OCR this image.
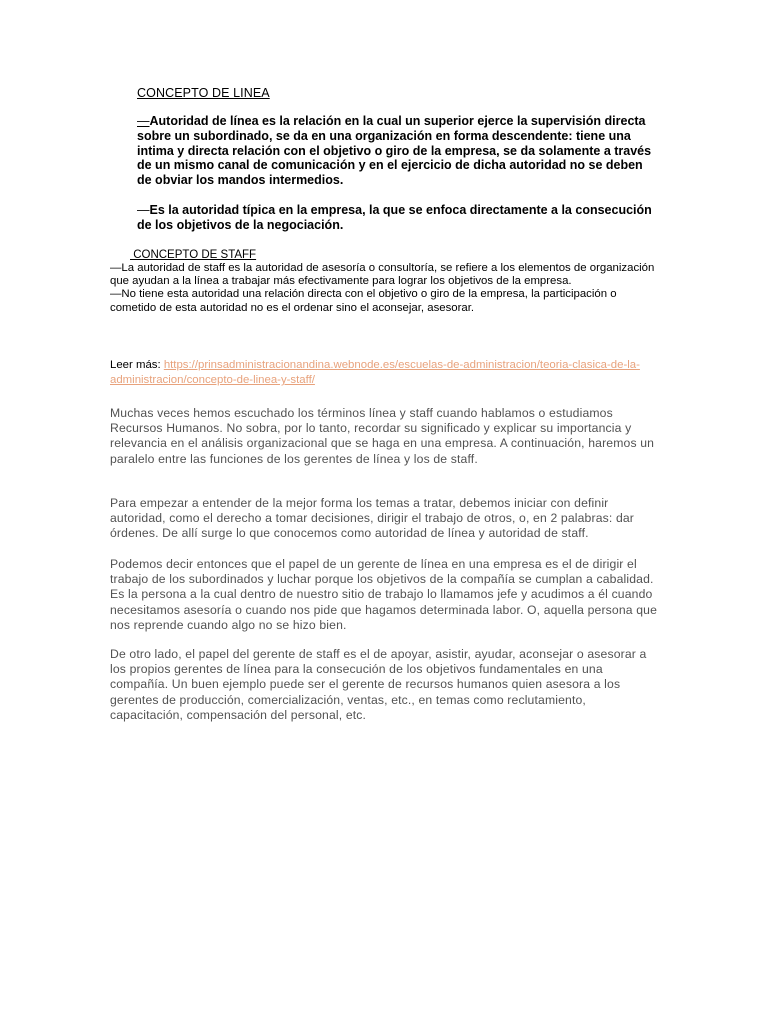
CONCEPTO DE LINEA
—Autoridad de línea es la relación en la cual un superior ejerce la supervisión directa sobre un subordinado, se da en una organización en forma descendente: tiene una intima y directa relación con el objetivo o giro de la empresa, se da solamente a través de un mismo canal de comunicación y en el ejercicio de dicha autoridad no se deben de obviar los mandos intermedios.
—Es la autoridad típica en la empresa, la que se enfoca directamente a la consecución de los objetivos de la negociación.
CONCEPTO DE STAFF
—La autoridad de staff es la autoridad de asesoría o consultoría, se refiere a los elementos de organización que ayudan a la línea a trabajar más efectivamente para lograr los objetivos de la empresa.
—No tiene esta autoridad una relación directa con el objetivo o giro de la empresa, la participación o cometido de esta autoridad no es el ordenar sino el aconsejar, asesorar.
Leer más: https://prinsadministracionandina.webnode.es/escuelas-de-administracion/teoria-clasica-de-la-administracion/concepto-de-linea-y-staff/
Muchas veces hemos escuchado los términos línea y staff cuando hablamos o estudiamos Recursos Humanos. No sobra, por lo tanto, recordar su significado y explicar su importancia y relevancia en el análisis organizacional que se haga en una empresa. A continuación, haremos un paralelo entre las funciones de los gerentes de línea y los de staff.
Para empezar a entender de la mejor forma los temas a tratar, debemos iniciar con definir autoridad, como el derecho a tomar decisiones, dirigir el trabajo de otros, o, en 2 palabras: dar órdenes. De allí surge lo que conocemos como autoridad de línea y autoridad de staff.
Podemos decir entonces que el papel de un gerente de línea en una empresa es el de dirigir el trabajo de los subordinados y luchar porque los objetivos de la compañía se cumplan a cabalidad. Es la persona a la cual dentro de nuestro sitio de trabajo lo llamamos jefe y acudimos a él cuando necesitamos asesoría o cuando nos pide que hagamos determinada labor. O, aquella persona que nos reprende cuando algo no se hizo bien.
De otro lado, el papel del gerente de staff es el de apoyar, asistir, ayudar, aconsejar o asesorar a los propios gerentes de línea para la consecución de los objetivos fundamentales en una compañía. Un buen ejemplo puede ser el gerente de recursos humanos quien asesora a los gerentes de producción, comercialización, ventas, etc., en temas como reclutamiento, capacitación, compensación del personal, etc.
